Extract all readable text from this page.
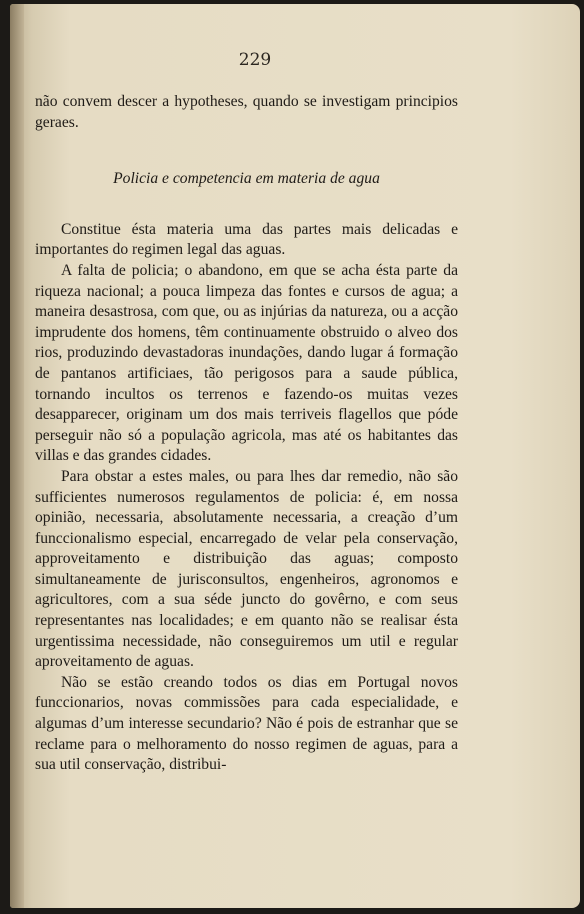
229

não convem descer a hypotheses, quando se investigam principios geraes.

Policia e competencia em materia de agua

Constitue ésta materia uma das partes mais delicadas e importantes do regimen legal das aguas.

A falta de policia; o abandono, em que se acha ésta parte da riqueza nacional; a pouca limpeza das fontes e cursos de agua; a maneira desastrosa, com que, ou as injúrias da natureza, ou a acção imprudente dos homens, têm continuamente obstruido o alveo dos rios, produzindo devastadoras inundações, dando lugar á formação de pantanos artificiaes, tão perigosos para a saude pública, tornando incultos os terrenos e fazendo-os muitas vezes desapparecer, originam um dos mais terriveis flagellos que póde perseguir não só a população agricola, mas até os habitantes das villas e das grandes cidades.

Para obstar a estes males, ou para lhes dar remedio, não são sufficientes numerosos regulamentos de policia: é, em nossa opinião, necessaria, absolutamente necessaria, a creação d’um funccionalismo especial, encarregado de velar pela conservação, approveitamento e distribuição das aguas; composto simultaneamente de jurisconsultos, engenheiros, agronomos e agricultores, com a sua séde juncto do govêrno, e com seus representantes nas localidades; e em quanto não se realisar ésta urgentissima necessidade, não conseguiremos um util e regular aproveitamento de aguas.

Não se estão creando todos os dias em Portugal novos funccionarios, novas commissões para cada especialidade, e algumas d’um interesse secundario? Não é pois de estranhar que se reclame para o melhoramento do nosso regimen de aguas, para a sua util conservação, distribui-
